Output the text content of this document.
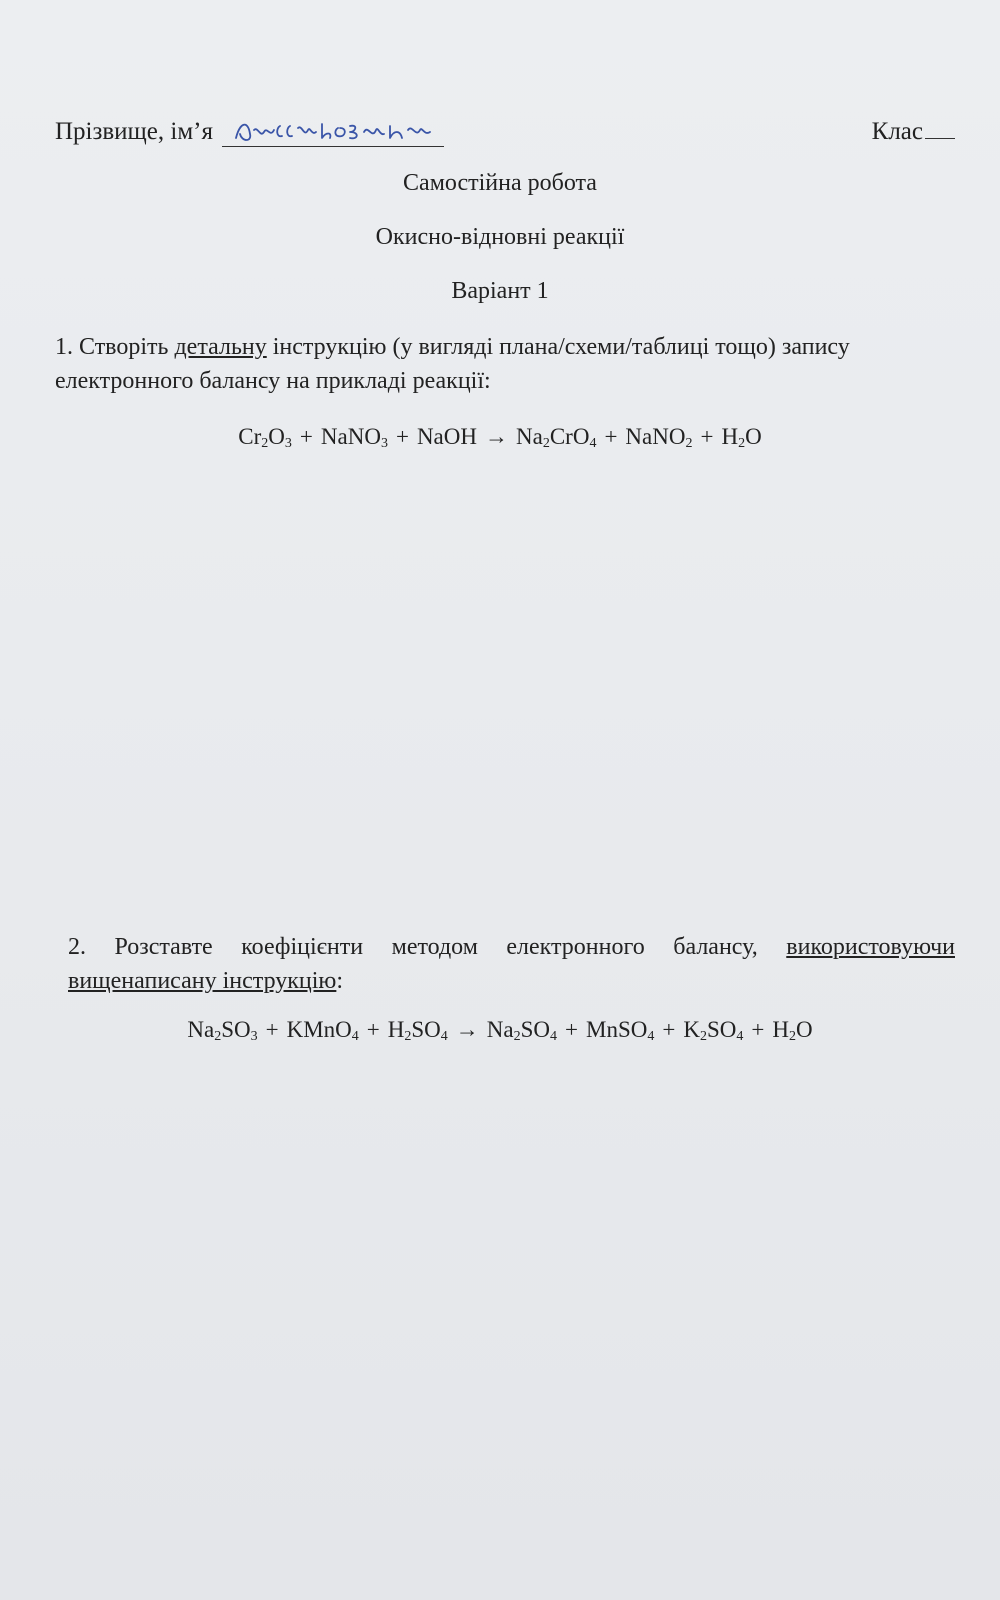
Прізвище, ім’я	Клас
Самостійна робота
Окисно-відновні реакції
Варіант 1
1. Створіть детальну інструкцію (у вигляді плана/схеми/таблиці тощо) запису електронного балансу на прикладі реакції:
$Cr_2O_3$ + NaNO$_3$ + NaOH → $Na_2CrO_4$ + NaNO$_2$ + $H_2O$
2. Розставте коефіцієнти методом електронного балансу, використовуючи вищенаписану інструкцію:
$Na_2SO_3$ + KMnO$_4$ + $H_2SO_4 \to Na_2SO_4$ + MnSO$_4$ + $K_2SO_4 + H_2O$
